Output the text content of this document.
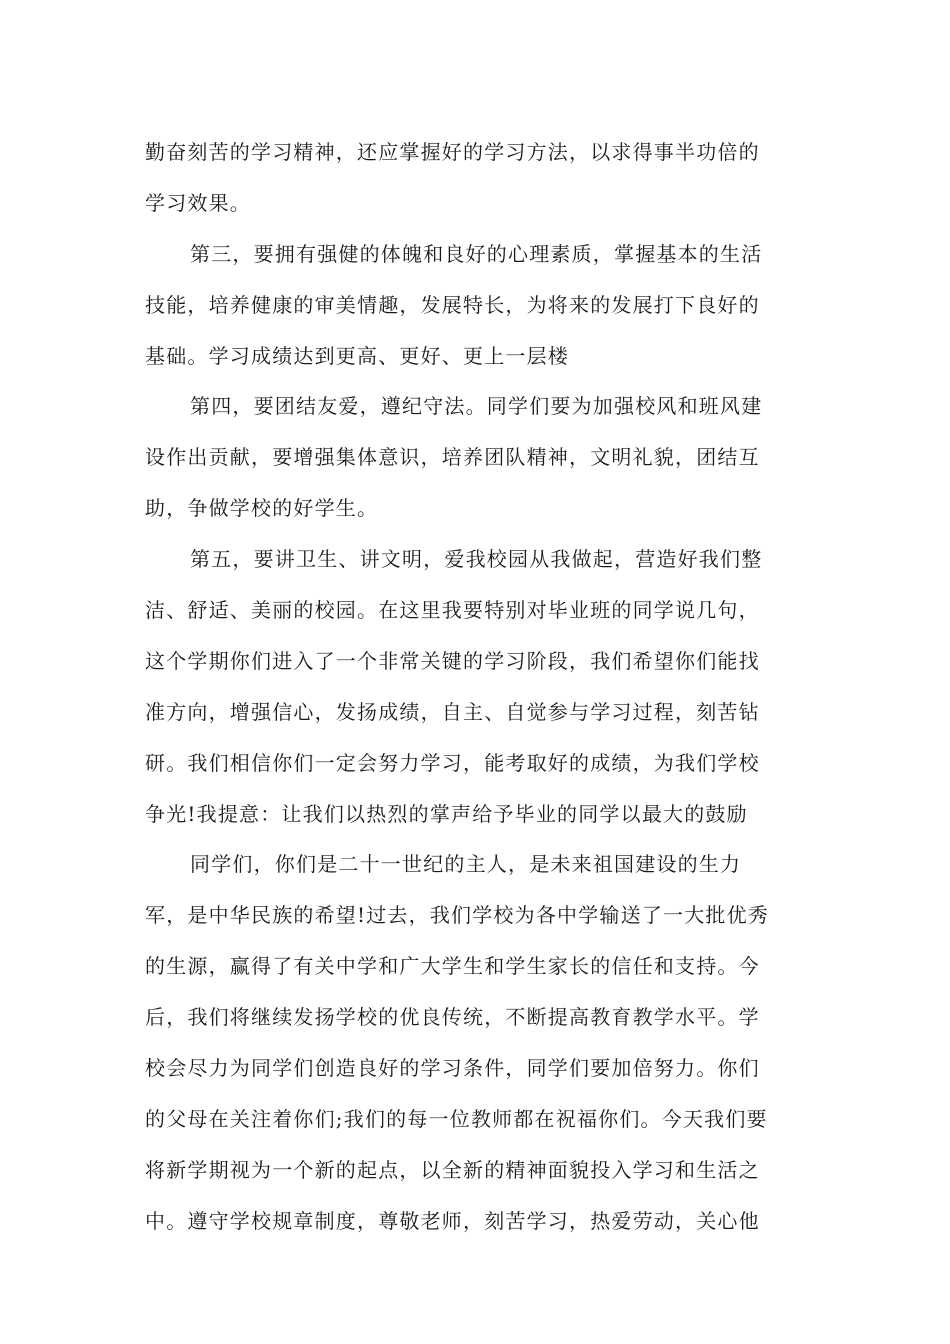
勤奋刻苦的学习精神，还应掌握好的学习方法，以求得事半功倍的
学习效果。
第三，要拥有强健的体魄和良好的心理素质，掌握基本的生活
技能，培养健康的审美情趣，发展特长，为将来的发展打下良好的
基础。学习成绩达到更高、更好、更上一层楼
第四，要团结友爱，遵纪守法。同学们要为加强校风和班风建
设作出贡献，要增强集体意识，培养团队精神，文明礼貌，团结互
助，争做学校的好学生。
第五，要讲卫生、讲文明，爱我校园从我做起，营造好我们整
洁、舒适、美丽的校园。在这里我要特别对毕业班的同学说几句，
这个学期你们进入了一个非常关键的学习阶段，我们希望你们能找
准方向，增强信心，发扬成绩，自主、自觉参与学习过程，刻苦钻
研。我们相信你们一定会努力学习，能考取好的成绩，为我们学校
争光!我提意：让我们以热烈的掌声给予毕业的同学以最大的鼓励
同学们，你们是二十一世纪的主人，是未来祖国建设的生力
军，是中华民族的希望!过去，我们学校为各中学输送了一大批优秀
的生源，赢得了有关中学和广大学生和学生家长的信任和支持。今
后，我们将继续发扬学校的优良传统，不断提高教育教学水平。学
校会尽力为同学们创造良好的学习条件，同学们要加倍努力。你们
的父母在关注着你们;我们的每一位教师都在祝福你们。今天我们要
将新学期视为一个新的起点，以全新的精神面貌投入学习和生活之
中。遵守学校规章制度，尊敬老师，刻苦学习，热爱劳动，关心他
